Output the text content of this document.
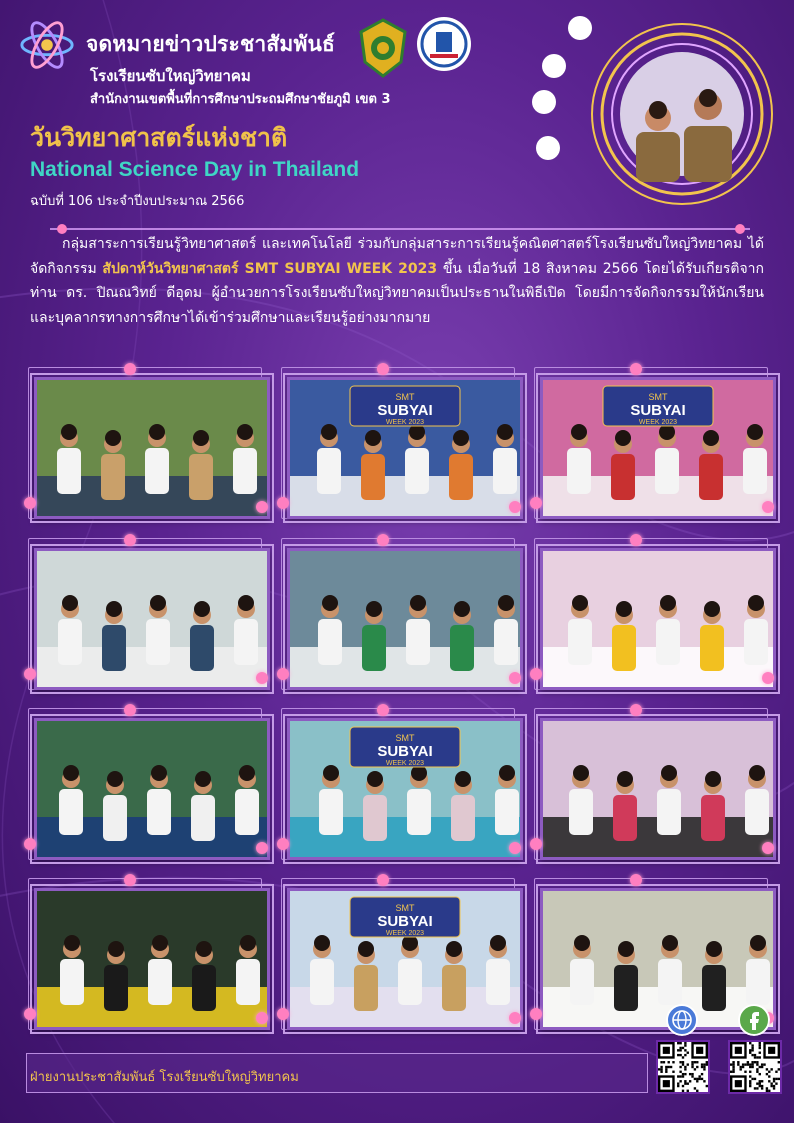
จดหมายข่าวประชาสัมพันธ์
โรงเรียนซับใหญ่วิทยาคม
สำนักงานเขตพื้นที่การศึกษาประถมศึกษาชัยภูมิ เขต 3
วันวิทยาศาสตร์แห่งชาติ
National Science Day in Thailand
ฉบับที่ 106 ประจำปีงบประมาณ 2566
กลุ่มสาระการเรียนรู้วิทยาศาสตร์ และเทคโนโลยี ร่วมกับกลุ่มสาระการเรียนรู้คณิตศาสตร์โรงเรียนซับใหญ่วิทยาคม ได้จัดกิจกรรม สัปดาห์วันวิทยาศาสตร์ SMT SUBYAI WEEK 2023 ขึ้น เมื่อวันที่ 18 สิงหาคม 2566 โดยได้รับเกียรติจากท่าน ดร. ปิณณวิทย์ ดีอุดม ผู้อำนวยการโรงเรียนซับใหญ่วิทยาคมเป็นประธานในพิธีเปิด โดยมีการจัดกิจกรรมให้นักเรียน และบุคลากรทางการศึกษาได้เข้าร่วมศึกษาและเรียนรู้อย่างมากมาย
SMT
SUBYAI
WEEK 2023
SMT
SUBYAI
WEEK 2023
SMT
SUBYAI
WEEK 2023
SMT
SUBYAI
WEEK 2023
ฝ่ายงานประชาสัมพันธ์ โรงเรียนซับใหญ่วิทยาคม
